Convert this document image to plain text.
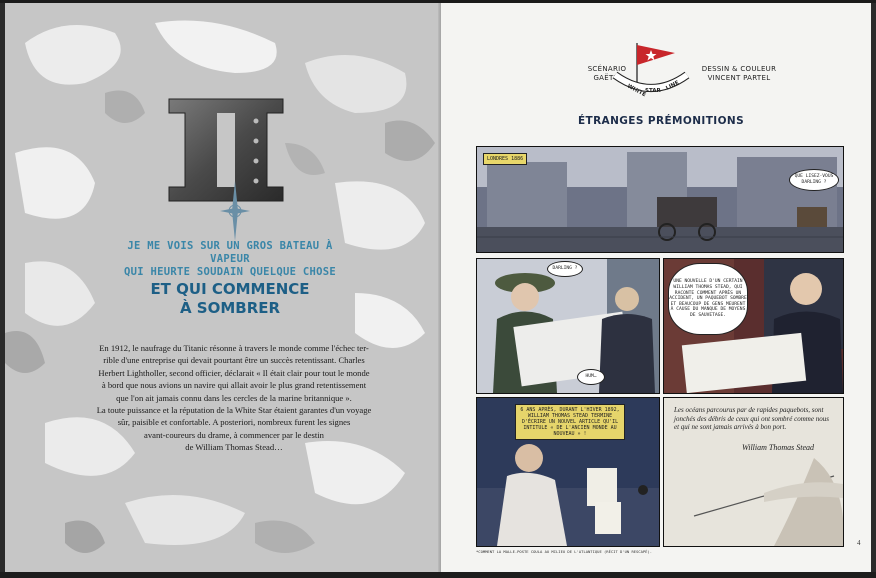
JE ME VOIS SUR UN GROS BATEAU À VAPEUR
QUI HEURTE SOUDAIN QUELQUE CHOSE
ET QUI COMMENCE
À SOMBRER

En 1912, le naufrage du Titanic résonne à travers le monde comme l'échec ter-

rible d'une entreprise qui devait pourtant être un succès retentissant. Charles

Herbert Lightholler, second officier, déclarait « Il était clair pour tout le monde

à bord que nous avions un navire qui allait avoir le plus grand retentissement

que l'on ait jamais connu dans les cercles de la marine britannique ».

La toute puissance et la réputation de la White Star étaient garantes d'un voyage

sûr, paisible et confortable. A posteriori, nombreux furent les signes

avant-coureurs du drame, à commencer par le destin

de William Thomas Stead…

SCÉNARIO
GAËT'S
WHITE
STAR LINE
DESSIN & COULEUR
VINCENT PARTEL
ÉTRANGES PRÉMONITIONS
LONDRES 1886
QUE LISEZ-VOUS DARLING ?
DARLING ?
HUM…
UNE NOUVELLE D'UN CERTAIN WILLIAM THOMAS STEAD, QUI RACONTE COMMENT APRÈS UN ACCIDENT, UN PAQUEBOT SOMBRE ET BEAUCOUP DE GENS MEURENT À CAUSE DU MANQUE DE MOYENS DE SAUVETAGE.
6 ANS APRÈS, DURANT L'HIVER 1892, WILLIAM THOMAS STEAD TERMINE D'ÉCRIRE UN NOUVEL ARTICLE QU'IL INTITULE « DE L'ANCIEN MONDE AU NOUVEAU » !
Les océans parcourus par de rapides paquebots, sont jonchés des débris de ceux qui ont sombré comme nous et qui ne sont jamais arrivés à bon port.
William Thomas Stead
*COMMENT LA MALLE-POSTE COULA AU MILIEU DE L'ATLANTIQUE (RÉCIT D'UN RESCAPÉ).
4
